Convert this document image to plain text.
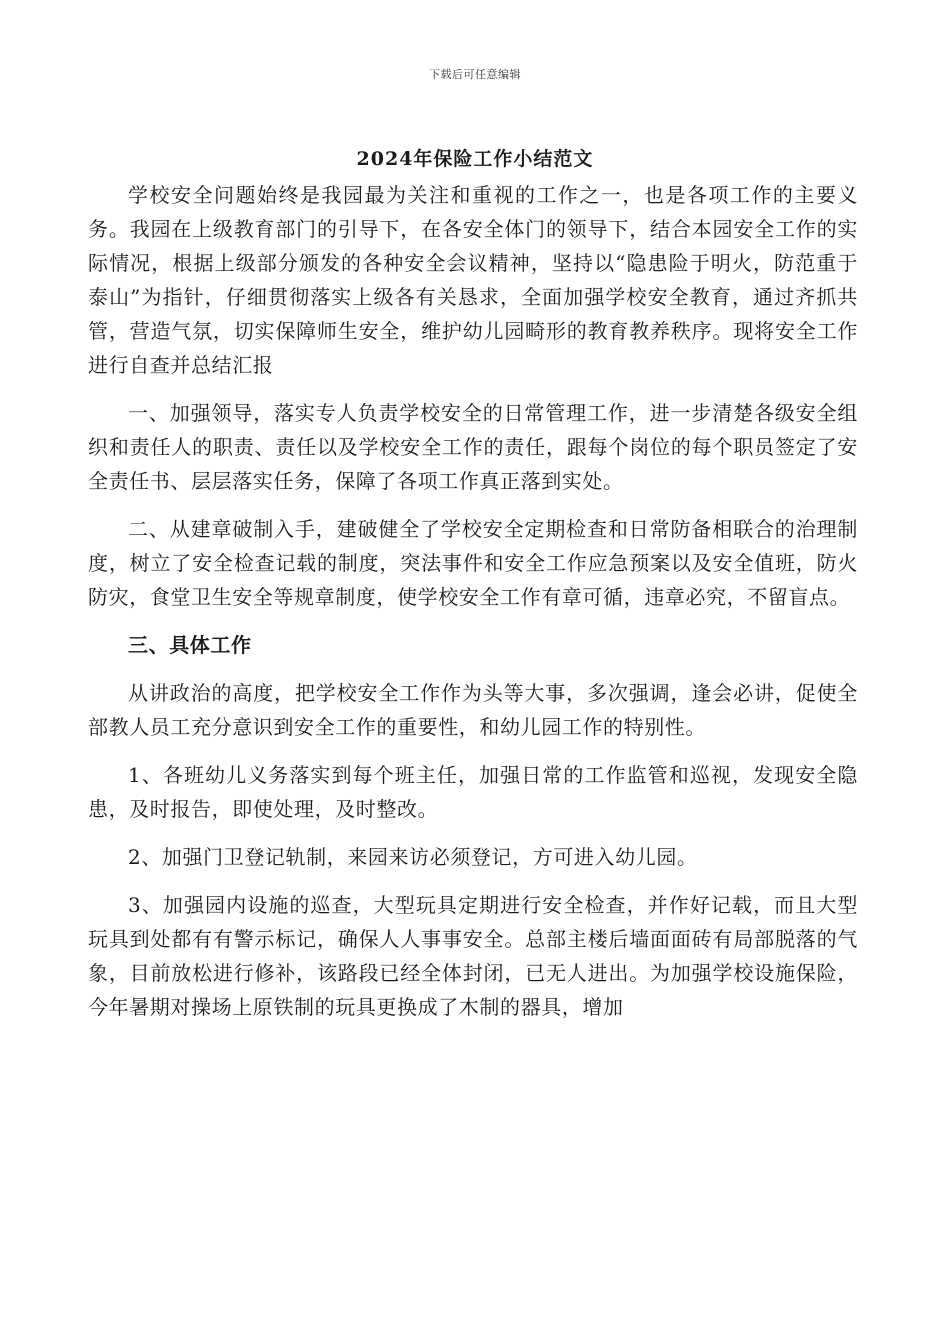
下载后可任意编辑
2024年保险工作小结范文

学校安全问题始终是我园最为关注和重视的工作之一，也是各项工作的主要义务。我园在上级教育部门的引导下，在各安全体门的领导下，结合本园安全工作的实际情况，根据上级部分颁发的各种安全会议精神，坚持以“隐患险于明火，防范重于泰山”为指针，仔细贯彻落实上级各有关恳求，全面加强学校安全教育，通过齐抓共管，营造气氛，切实保障师生安全，维护幼儿园畸形的教育教养秩序。现将安全工作进行自查并总结汇报

一、加强领导，落实专人负责学校安全的日常管理工作，进一步清楚各级安全组织和责任人的职责、责任以及学校安全工作的责任，跟每个岗位的每个职员签定了安全责任书、层层落实任务，保障了各项工作真正落到实处。

二、从建章破制入手，建破健全了学校安全定期检查和日常防备相联合的治理制度，树立了安全检查记载的制度，突法事件和安全工作应急预案以及安全值班，防火防灾，食堂卫生安全等规章制度，使学校安全工作有章可循，违章必究，不留盲点。

三、具体工作

从讲政治的高度，把学校安全工作作为头等大事，多次强调，逢会必讲，促使全部教人员工充分意识到安全工作的重要性，和幼儿园工作的特别性。

1、各班幼儿义务落实到每个班主任，加强日常的工作监管和巡视，发现安全隐患，及时报告，即使处理，及时整改。

2、加强门卫登记轨制，来园来访必须登记，方可进入幼儿园。

3、加强园内设施的巡查，大型玩具定期进行安全检查，并作好记载，而且大型玩具到处都有有警示标记，确保人人事事安全。总部主楼后墙面面砖有局部脱落的气象，目前放松进行修补，该路段已经全体封闭，已无人进出。为加强学校设施保险，今年暑期对操场上原铁制的玩具更换成了木制的器具，增加
